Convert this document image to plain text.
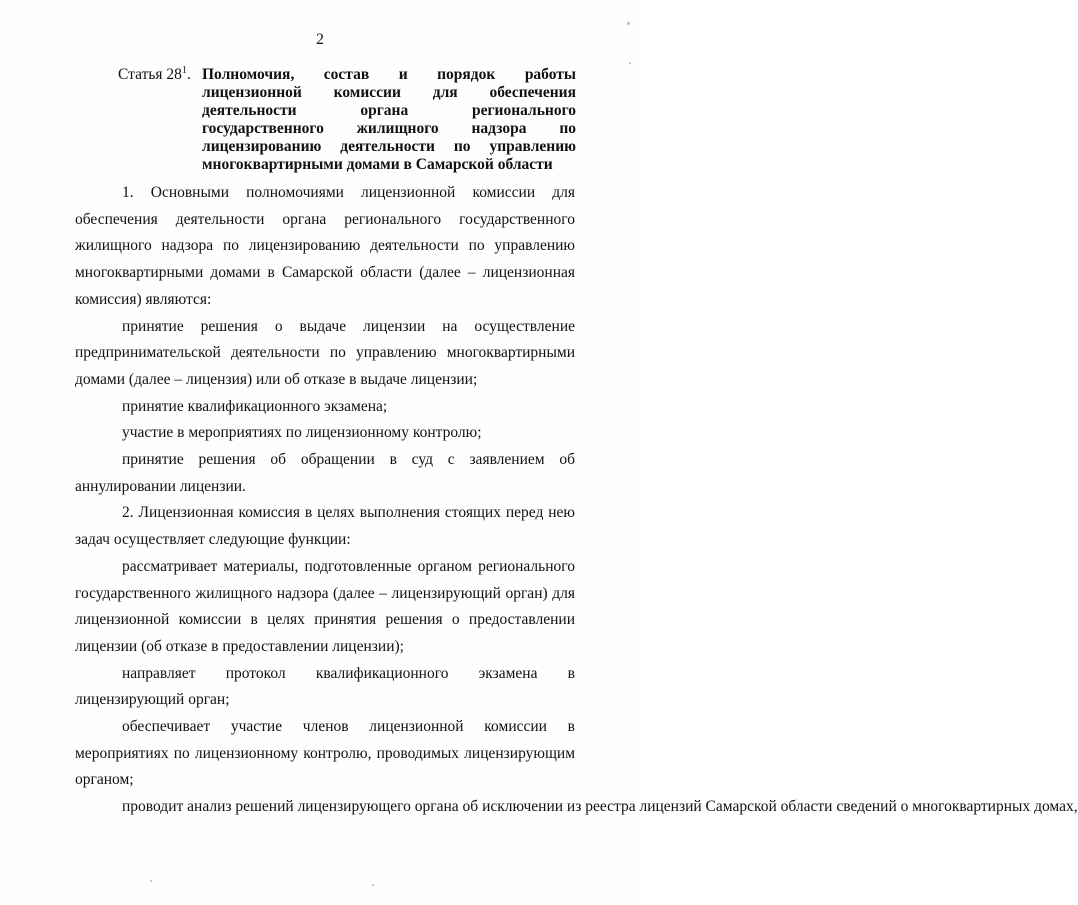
2
Статья $28^1$. Полномочия, состав и порядок работы лицензионной комиссии для обеспечения деятельности органа регионального государственного жилищного надзора по лицензированию деятельности по управлению многоквартирными домами в Самарской области

1. Основными полномочиями лицензионной комиссии для обеспечения деятельности органа регионального государственного жилищного надзора по лицензированию деятельности по управлению многоквартирными домами в Самарской области (далее – лицензионная комиссия) являются:

принятие решения о выдаче лицензии на осуществление предпринимательской деятельности по управлению многоквартирными домами (далее – лицензия) или об отказе в выдаче лицензии;

принятие квалификационного экзамена;

участие в мероприятиях по лицензионному контролю;

принятие решения об обращении в суд с заявлением об аннулировании лицензии.

2. Лицензионная комиссия в целях выполнения стоящих перед нею задач осуществляет следующие функции:

рассматривает материалы, подготовленные органом регионального государственного жилищного надзора (далее – лицензирующий орган) для лицензионной комиссии в целях принятия решения о предоставлении лицензии (об отказе в предоставлении лицензии);

направляет протокол квалификационного экзамена в лицензирующий орган;

обеспечивает участие членов лицензионной комиссии в мероприятиях по лицензионному контролю, проводимых лицензирующим органом;

проводит анализ решений лицензирующего органа об исключении из реестра лицензий Самарской области сведений о многоквартирных домах,
